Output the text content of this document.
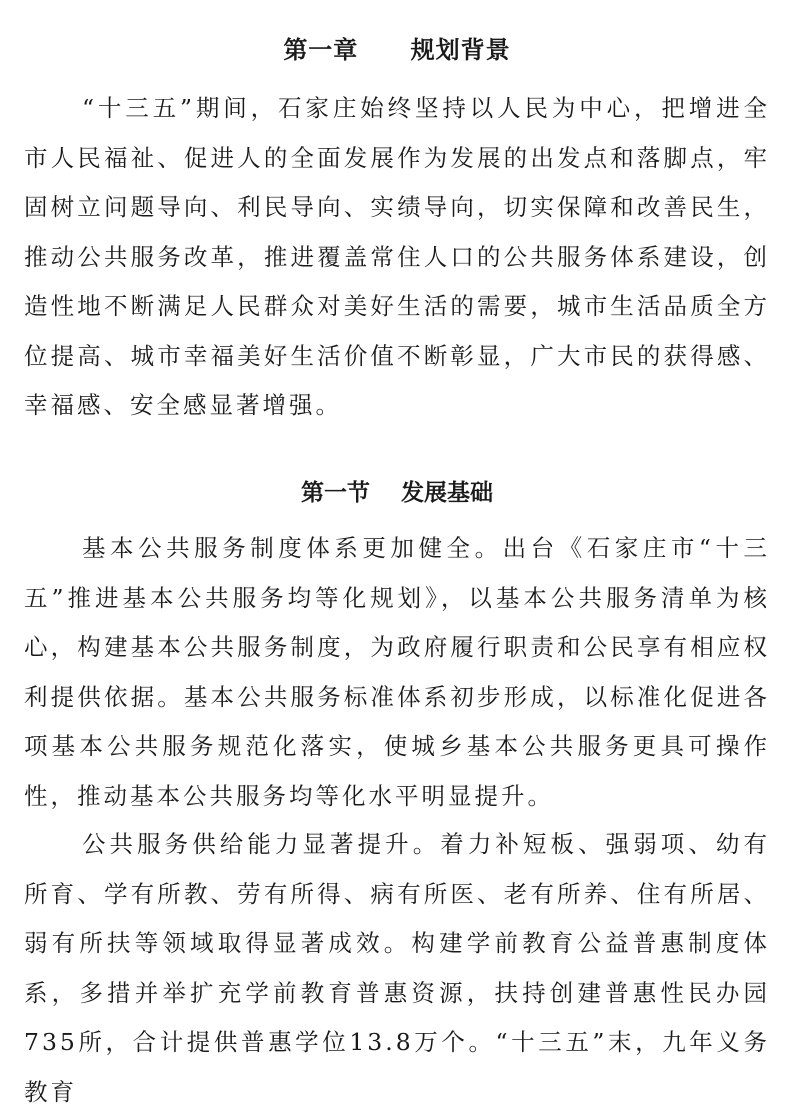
第一章　 规划背景

“十三五”期间，石家庄始终坚持以人民为中心，把增进全市人民福祉、促进人的全面发展作为发展的出发点和落脚点，牢固树立问题导向、利民导向、实绩导向，切实保障和改善民生，推动公共服务改革，推进覆盖常住人口的公共服务体系建设，创造性地不断满足人民群众对美好生活的需要，城市生活品质全方位提高、城市幸福美好生活价值不断彰显，广大市民的获得感、幸福感、安全感显著增强。

第一节　 发展基础

基本公共服务制度体系更加健全。出台《石家庄市“十三五”推进基本公共服务均等化规划》，以基本公共服务清单为核心，构建基本公共服务制度，为政府履行职责和公民享有相应权利提供依据。基本公共服务标准体系初步形成，以标准化促进各项基本公共服务规范化落实，使城乡基本公共服务更具可操作性，推动基本公共服务均等化水平明显提升。

公共服务供给能力显著提升。着力补短板、强弱项、幼有所育、学有所教、劳有所得、病有所医、老有所养、住有所居、弱有所扶等领域取得显著成效。构建学前教育公益普惠制度体系，多措并举扩充学前教育普惠资源，扶持创建普惠性民办园735所，合计提供普惠学位13.8万个。“十三五”末，九年义务教育
